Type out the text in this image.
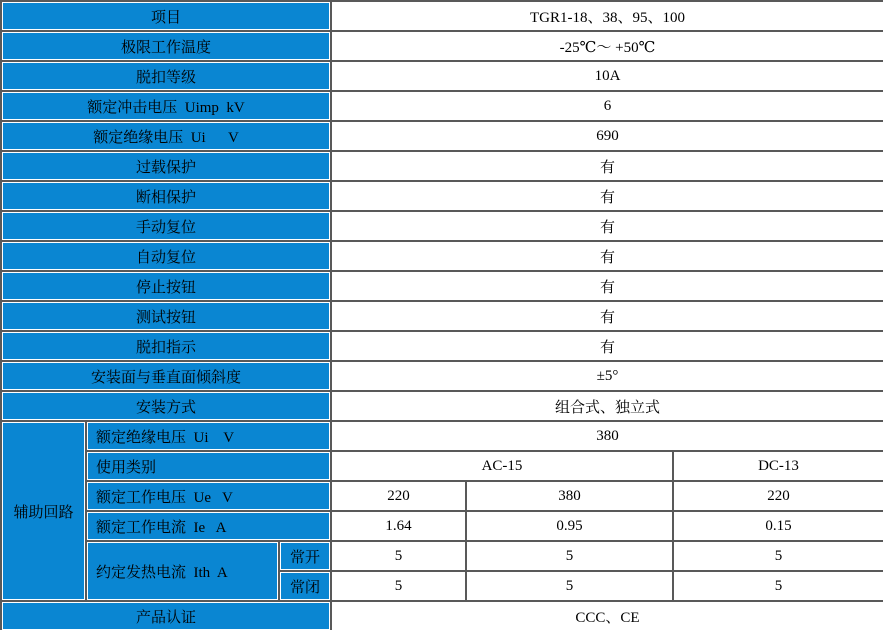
项目			TGR1-18、38、95、100		
极限工作温度			-25℃～ +50℃		
脱扣等级			10A		
额定冲击电压  Uimp  kV			6		
额定绝缘电压  Ui      V			690		
过载保护			有		
断相保护			有		
手动复位			有		
自动复位			有		
停止按钮			有		
测试按钮			有		
脱扣指示			有		
安装面与垂直面倾斜度			±5°		
安装方式			组合式、独立式		
辅助回路	额定绝缘电压  Ui    V		380		
	使用类别		AC-15		DC-13
	额定工作电压  Ue   V		220	380	220
	额定工作电流  Ie   A		1.64	0.95	0.15
	约定发热电流  Ith  A	常开	5	5	5
		常闭	5	5	5
产品认证			CCC、CE		
